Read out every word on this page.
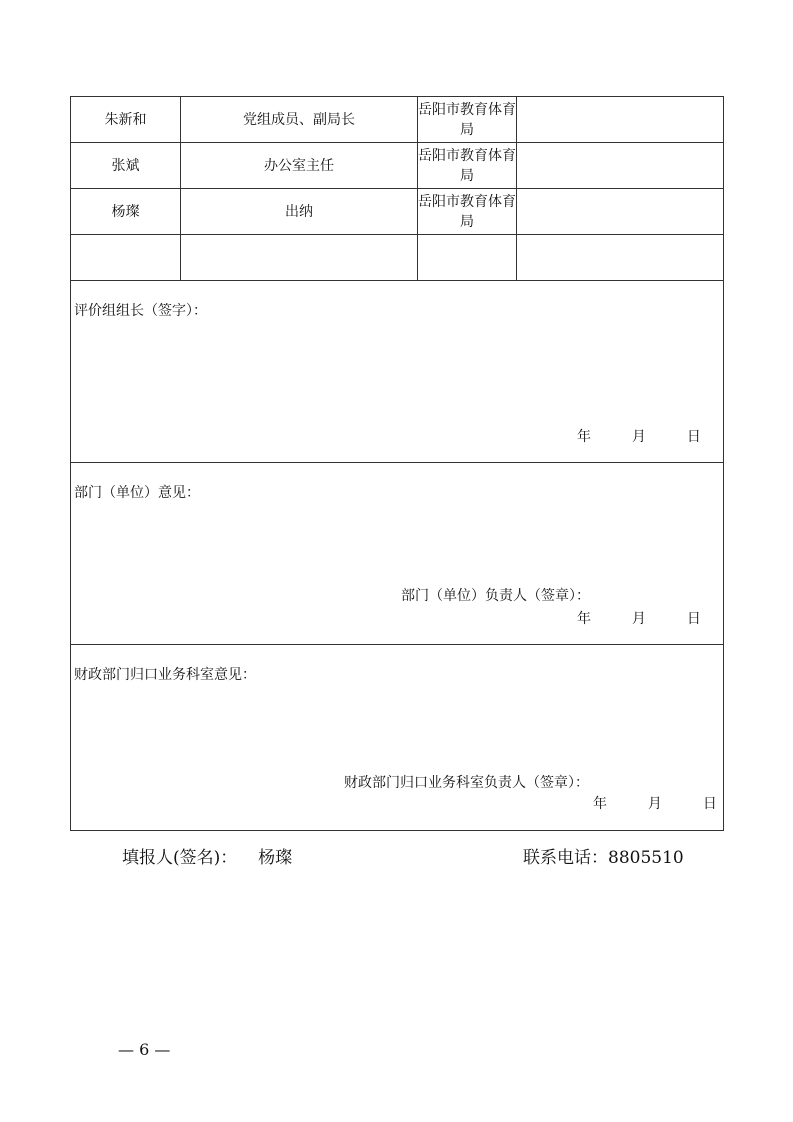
朱新和	党组成员、副局长	岳阳市教育体育局	
张斌	办公室主任	岳阳市教育体育局	
杨璨	出纳	岳阳市教育体育局	

评价组组长（签字）：
年 月 日			

部门（单位）意见：
部门（单位）负责人（签章）：
年 月 日			

财政部门归口业务科室意见：
财政部门归口业务科室负责人（签章）：
年 月 日			
填报人(签名)： 杨璨	联系电话：8805510
— 6 —
